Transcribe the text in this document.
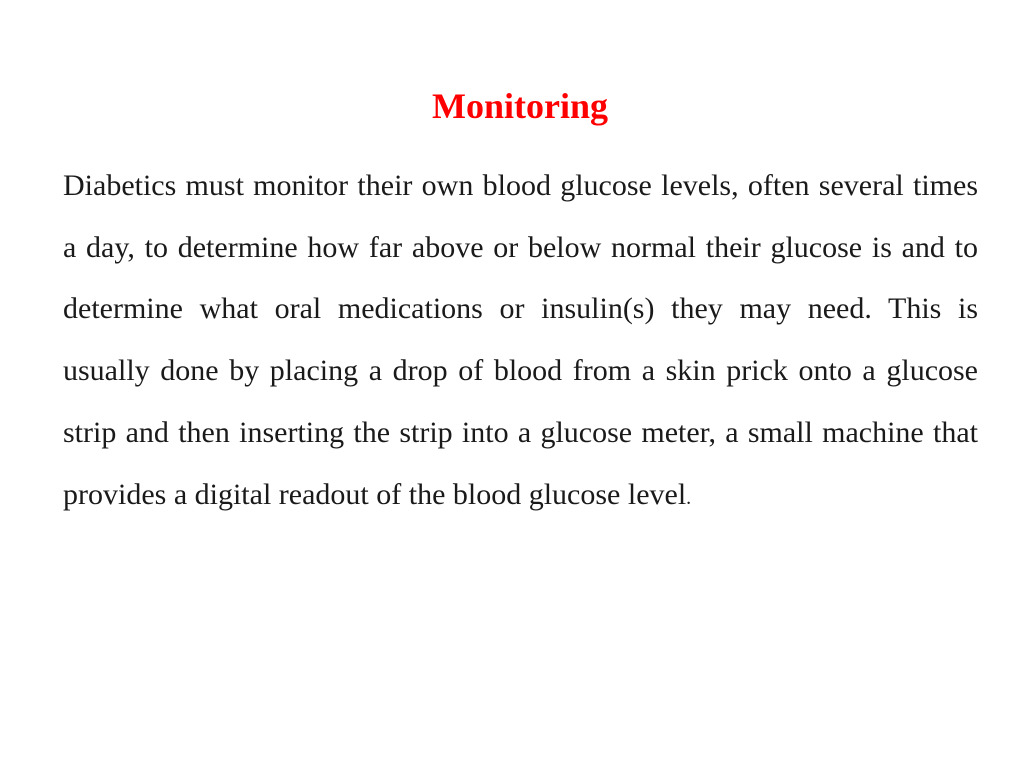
Monitoring

Diabetics must monitor their own blood glucose levels, often several times a day, to determine how far above or below normal their glucose is and to determine what oral medications or insulin(s) they may need. This is usually done by placing a drop of blood from a skin prick onto a glucose strip and then inserting the strip into a glucose meter, a small machine that provides a digital readout of the blood glucose level.
